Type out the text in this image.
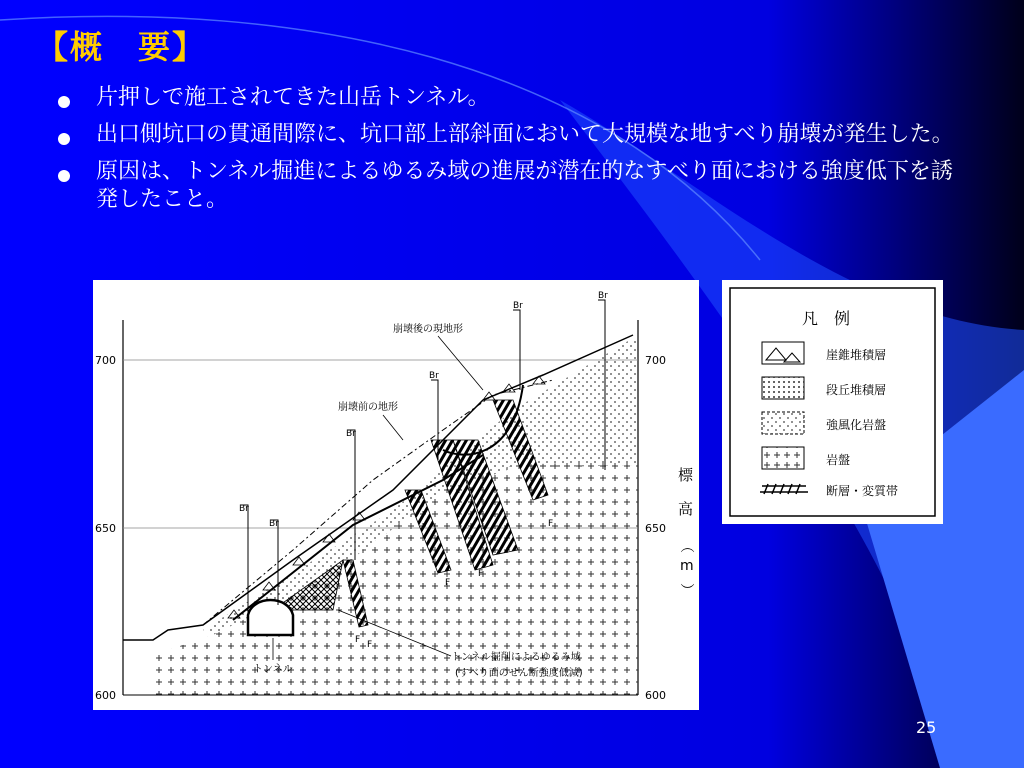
【概　要】
片押しで施工されてきた山岳トンネル。
出口側坑口の貫通間際に、坑口部上部斜面において大規模な地すべり崩壊が発生した。
原因は、トンネル掘進によるゆるみ域の進展が潜在的なすべり面における強度低下を誘発したこと。
700
650
600
700
650
600
標
高
（
m
）
Br
Br
Br
Br
Br
Br
F F
F
F
F
崩壊後の現地形
崩壊前の地形
トンネル
トンネル掘削によるゆるみ域
(すべり面のせん断強度低減)
凡　例
崖錐堆積層
段丘堆積層
強風化岩盤
岩盤
断層・変質帯
25
